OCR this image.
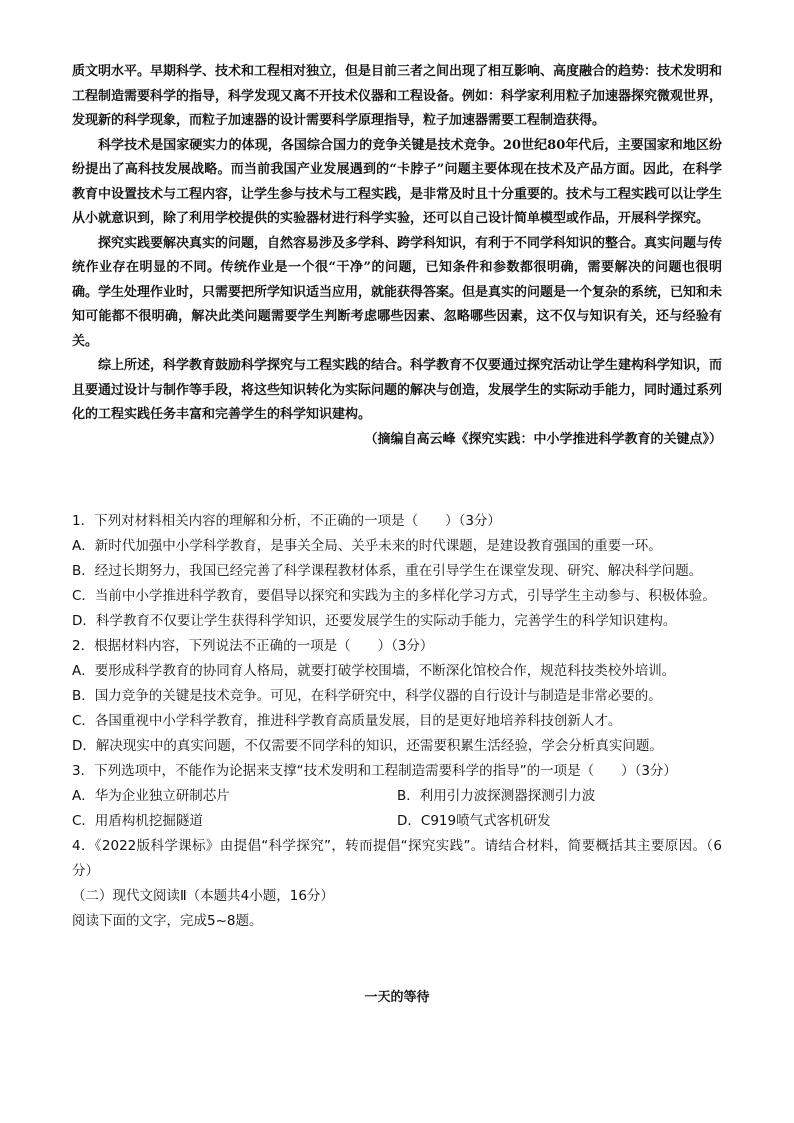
质文明水平。早期科学、技术和工程相对独立，但是目前三者之间出现了相互影响、高度融合的趋势：技术发明和工程制造需要科学的指导，科学发现又离不开技术仪器和工程设备。例如：科学家利用粒子加速器探究微观世界，发现新的科学现象，而粒子加速器的设计需要科学原理指导，粒子加速器需要工程制造获得。

科学技术是国家硬实力的体现，各国综合国力的竞争关键是技术竞争。20世纪80年代后，主要国家和地区纷纷提出了高科技发展战略。而当前我国产业发展遇到的“卡脖子”问题主要体现在技术及产品方面。因此，在科学教育中设置技术与工程内容，让学生参与技术与工程实践，是非常及时且十分重要的。技术与工程实践可以让学生从小就意识到，除了利用学校提供的实验器材进行科学实验，还可以自己设计简单模型或作品，开展科学探究。

探究实践要解决真实的问题，自然容易涉及多学科、跨学科知识，有利于不同学科知识的整合。真实问题与传统作业存在明显的不同。传统作业是一个很“干净”的问题，已知条件和参数都很明确，需要解决的问题也很明确。学生处理作业时，只需要把所学知识适当应用，就能获得答案。但是真实的问题是一个复杂的系统，已知和未知可能都不很明确，解决此类问题需要学生判断考虑哪些因素、忽略哪些因素，这不仅与知识有关，还与经验有关。

综上所述，科学教育鼓励科学探究与工程实践的结合。科学教育不仅要通过探究活动让学生建构科学知识，而且要通过设计与制作等手段，将这些知识转化为实际问题的解决与创造，发展学生的实际动手能力，同时通过系列化的工程实践任务丰富和完善学生的科学知识建构。

（摘编自高云峰《探究实践：中小学推进科学教育的关键点》）

1．下列对材料相关内容的理解和分析，不正确的一项是（　　）（3分）

A．新时代加强中小学科学教育，是事关全局、关乎未来的时代课题，是建设教育强国的重要一环。

B．经过长期努力，我国已经完善了科学课程教材体系，重在引导学生在课堂发现、研究、解决科学问题。

C．当前中小学推进科学教育，要倡导以探究和实践为主的多样化学习方式，引导学生主动参与、积极体验。

D．科学教育不仅要让学生获得科学知识，还要发展学生的实际动手能力，完善学生的科学知识建构。

2．根据材料内容，下列说法不正确的一项是（　　）（3分）

A．要形成科学教育的协同育人格局，就要打破学校围墙，不断深化馆校合作，规范科技类校外培训。

B．国力竞争的关键是技术竞争。可见，在科学研究中，科学仪器的自行设计与制造是非常必要的。

C．各国重视中小学科学教育，推进科学教育高质量发展，目的是更好地培养科技创新人才。

D．解决现实中的真实问题，不仅需要不同学科的知识，还需要积累生活经验，学会分析真实问题。

3．下列选项中，不能作为论据来支撑“技术发明和工程制造需要科学的指导”的一项是（　　）（3分）

A．华为企业独立研制芯片	B．利用引力波探测器探测引力波
C．用盾构机挖掘隧道	D．C919喷气式客机研发

4．《2022版科学课标》由提倡“科学探究”，转而提倡“探究实践”。请结合材料，简要概括其主要原因。（6分）

（二）现代文阅读Ⅱ（本题共4小题，16分）

阅读下面的文字，完成5~8题。

一天的等待
